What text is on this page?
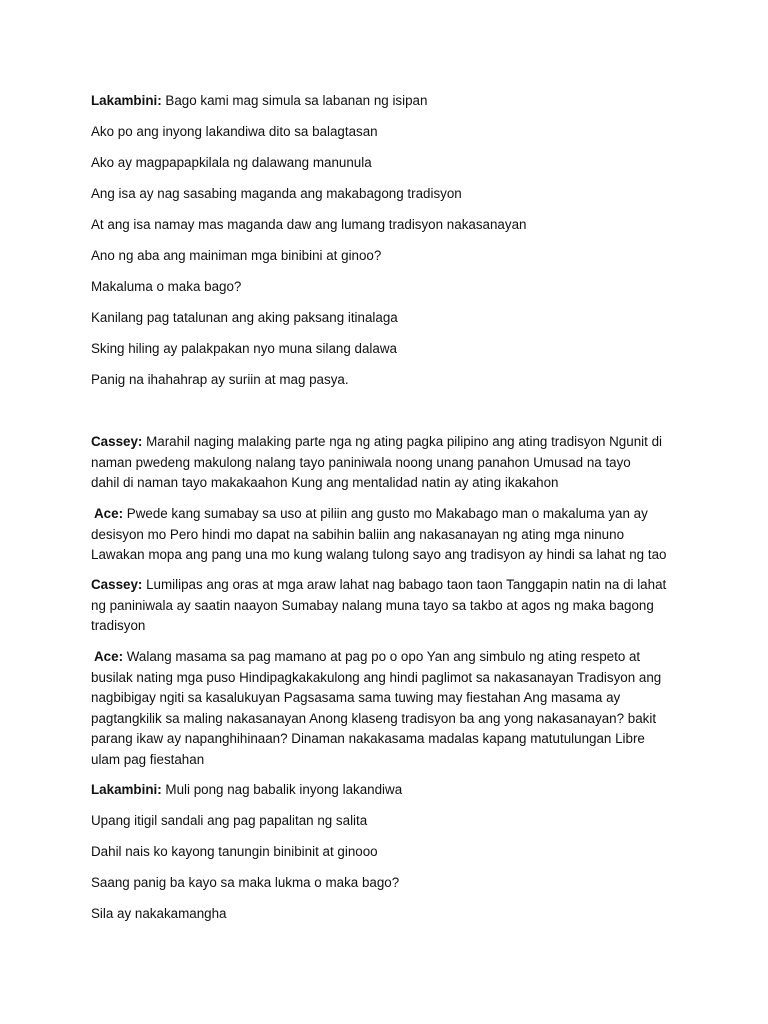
Lakambini: Bago kami mag simula sa labanan ng isipan
Ako po ang inyong lakandiwa dito sa balagtasan
Ako ay magpapapkilala ng dalawang manunula
Ang isa ay nag sasabing maganda ang makabagong tradisyon
At ang isa namay mas maganda daw ang lumang tradisyon nakasanayan
Ano ng aba ang mainiman mga binibini at ginoo?
Makaluma o maka bago?
Kanilang pag tatalunan ang aking paksang itinalaga
Sking hiling ay palakpakan nyo muna silang dalawa
Panig na ihahahrap ay suriin at mag pasya.
Cassey: Marahil naging malaking parte nga ng ating pagka pilipino ang ating tradisyon Ngunit di
naman pwedeng makulong nalang tayo paniniwala noong unang panahon Umusad na tayo
dahil di naman tayo makakaahon Kung ang mentalidad natin ay ating ikakahon
Ace: Pwede kang sumabay sa uso at piliin ang gusto mo Makabago man o makaluma yan ay
desisyon mo Pero hindi mo dapat na sabihin baliin ang nakasanayan ng ating mga ninuno
Lawakan mopa ang pang una mo kung walang tulong sayo ang tradisyon ay hindi sa lahat ng tao
Cassey: Lumilipas ang oras at mga araw lahat nag babago taon taon Tanggapin natin na di lahat
ng paniniwala ay saatin naayon Sumabay nalang muna tayo sa takbo at agos ng maka bagong
tradisyon
Ace: Walang masama sa pag mamano at pag po o opo Yan ang simbulo ng ating respeto at
busilak nating mga puso Hindipagkakakulong ang hindi paglimot sa nakasanayan Tradisyon ang
nagbibigay ngiti sa kasalukuyan Pagsasama sama tuwing may fiestahan Ang masama ay
pagtangkilik sa maling nakasanayan Anong klaseng tradisyon ba ang yong nakasanayan? bakit
parang ikaw ay napanghihinaan? Dinaman nakakasama madalas kapang matutulungan Libre
ulam pag fiestahan
Lakambini: Muli pong nag babalik inyong lakandiwa
Upang itigil sandali ang pag papalitan ng salita
Dahil nais ko kayong tanungin binibinit at ginooo
Saang panig ba kayo sa maka lukma o maka bago?
Sila ay nakakamangha
